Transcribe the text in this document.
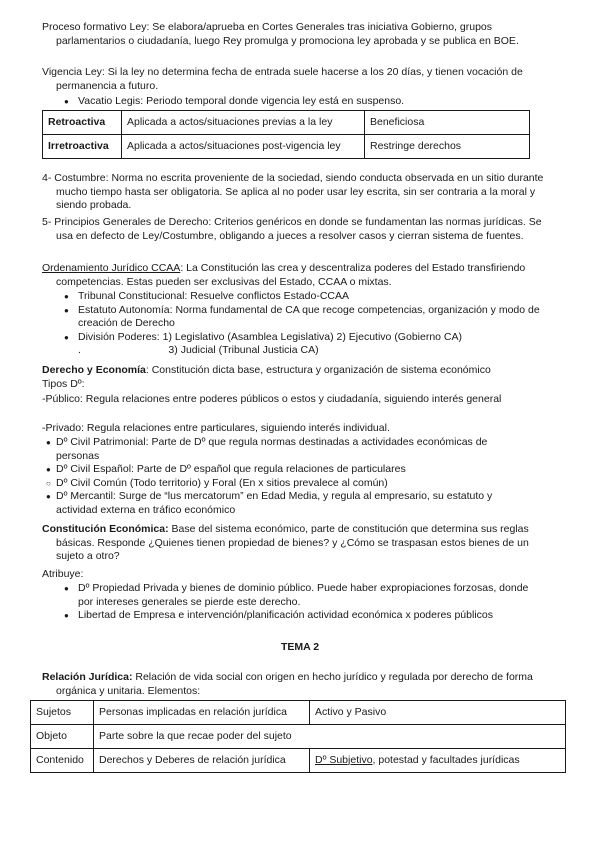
Proceso formativo Ley: Se elabora/aprueba en Cortes Generales tras iniciativa Gobierno, grupos parlamentarios o ciudadanía, luego Rey promulga y promociona ley aprobada y se publica en BOE.

Vigencia Ley: Si la ley no determina fecha de entrada suele hacerse a los 20 días, y tienen vocación de permanencia a futuro.

● Vacatio Legis: Periodo temporal donde vigencia ley está en suspenso.
Retroactiva	Aplicada a actos/situaciones previas a la ley	Beneficiosa
Irretroactiva	Aplicada a actos/situaciones post-vigencia ley	Restringe derechos

4- Costumbre: Norma no escrita proveniente de la sociedad, siendo conducta observada en un sitio durante mucho tiempo hasta ser obligatoria. Se aplica al no poder usar ley escrita, sin ser contraria a la moral y siendo probada.

5- Principios Generales de Derecho: Criterios genéricos en donde se fundamentan las normas jurídicas. Se usa en defecto de Ley/Costumbre, obligando a jueces a resolver casos y cierran sistema de fuentes.

Ordenamiento Jurídico CCAA: La Constitución las crea y descentraliza poderes del Estado transfiriendo competencias. Estas pueden ser exclusivas del Estado, CCAA o mixtas.

● Tribunal Constitucional: Resuelve conflictos Estado-CCAA
● Estatuto Autonomía: Norma fundamental de CA que recoge competencias, organización y modo de creación de Derecho
● División Poderes: 1) Legislativo (Asamblea Legislativa) 2) Ejecutivo (Gobierno CA)
.                              3) Judicial (Tribunal Justicia CA)

Derecho y Economía: Constitución dicta base, estructura y organización de sistema económico

Tipos Dº:

-Público: Regula relaciones entre poderes públicos o estos y ciudadanía, siguiendo interés general

-Privado: Regula relaciones entre particulares, siguiendo interés individual.

● Dº Civil Patrimonial: Parte de Dº que regula normas destinadas a actividades económicas de personas
● Dº Civil Español: Parte de Dº español que regula relaciones de particulares
○ Dº Civil Común (Todo territorio) y Foral (En x sitios prevalece al común)
● Dº Mercantil: Surge de “lus mercatorum” en Edad Media, y regula al empresario, su estatuto y actividad externa en tráfico económico

Constitución Económica: Base del sistema económico, parte de constitución que determina sus reglas básicas. Responde ¿Quienes tienen propiedad de bienes? y ¿Cómo se traspasan estos bienes de un sujeto a otro?

Atribuye:

● Dº Propiedad Privada y bienes de dominio público. Puede haber expropiaciones forzosas, donde por intereses generales se pierde este derecho.
● Libertad de Empresa e intervención/planificación actividad económica x poderes públicos

TEMA 2

Relación Jurídica: Relación de vida social con origen en hecho jurídico y regulada por derecho de forma orgánica y unitaria. Elementos:

Sujetos	Personas implicadas en relación jurídica	Activo y Pasivo
Objeto	Parte sobre la que recae poder del sujeto	
Contenido	Derechos y Deberes de relación jurídica	Dº Subjetivo, potestad y facultades jurídicas
